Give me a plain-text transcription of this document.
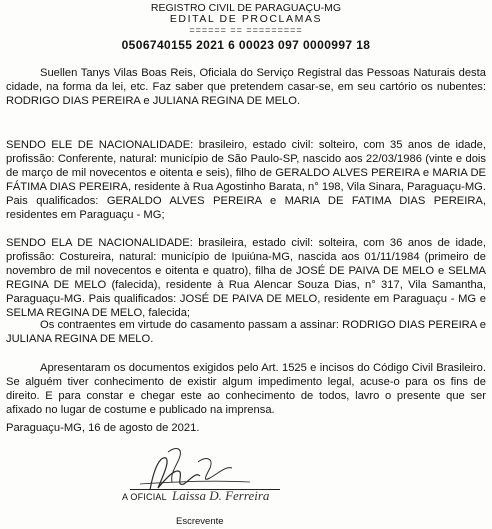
REGISTRO CIVIL DE PARAGUAÇU-MG
EDITAL DE PROCLAMAS
====== == =========
0506740155 2021 6 00023 097 0000997 18
Suellen Tanys Vilas Boas Reis, Oficiala do Serviço Registral das Pessoas Naturais desta cidade, na forma da lei, etc. Faz saber que pretendem casar-se, em seu cartório os nubentes: RODRIGO DIAS PEREIRA e JULIANA REGINA DE MELO.
SENDO ELE DE NACIONALIDADE: brasileiro, estado civil: solteiro, com 35 anos de idade, profissão: Conferente, natural: município de São Paulo-SP, nascido aos 22/03/1986 (vinte e dois de março de mil novecentos e oitenta e seis), filho de GERALDO ALVES PEREIRA e MARIA DE FÁTIMA DIAS PEREIRA, residente à Rua Agostinho Barata, n° 198, Vila Sinara, Paraguaçu-MG. Pais qualificados: GERALDO ALVES PEREIRA e MARIA DE FATIMA DIAS PEREIRA, residentes em Paraguaçu - MG;
SENDO ELA DE NACIONALIDADE: brasileira, estado civil: solteira, com 36 anos de idade, profissão: Costureira, natural: município de Ipuiúna-MG, nascida aos 01/11/1984 (primeiro de novembro de mil novecentos e oitenta e quatro), filha de JOSÉ DE PAIVA DE MELO e SELMA REGINA DE MELO (falecida), residente à Rua Alencar Souza Dias, n° 317, Vila Samantha, Paraguaçu-MG. Pais qualificados: JOSÉ DE PAIVA DE MELO, residente em Paraguaçu - MG e SELMA REGINA DE MELO, falecida;
Os contraentes em virtude do casamento passam a assinar: RODRIGO DIAS PEREIRA e JULIANA REGINA DE MELO.
Apresentaram os documentos exigidos pelo Art. 1525 e incisos do Código Civil Brasileiro. Se alguém tiver conhecimento de existir algum impedimento legal, acuse-o para os fins de direito. E para constar e chegar este ao conhecimento de todos, lavro o presente que ser afixado no lugar de costume e publicado na imprensa.
Paraguaçu-MG, 16 de agosto de 2021.
A OFICIAL Laissa D. Ferreira
Escrevente
